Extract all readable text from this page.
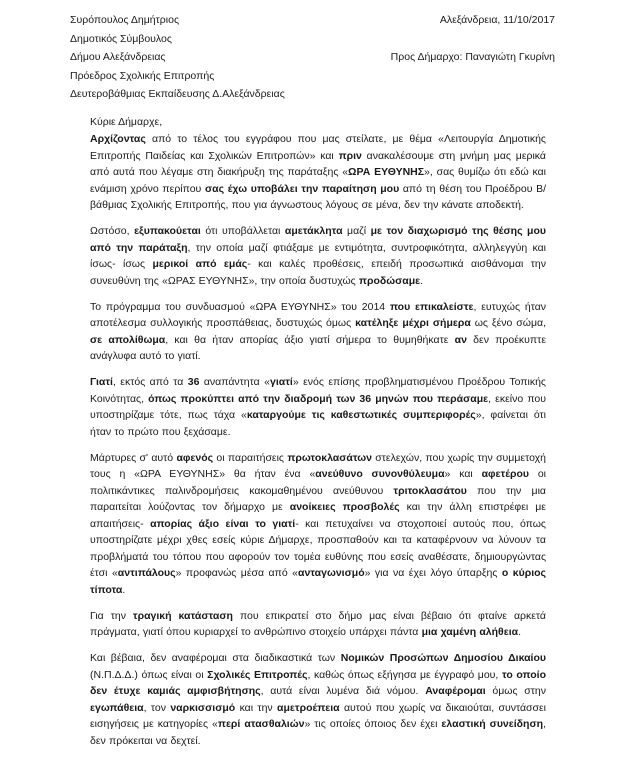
Συρόπουλος Δημήτριος
Δημοτικός Σύμβουλος
Δήμου Αλεξάνδρειας
Πρόεδρος Σχολικής Επιτροπής
Δευτεροβάθμιας Εκπαίδευσης Δ.Αλεξάνδρειας
Αλεξάνδρεια, 11/10/2017
Προς Δήμαρχο: Παναγιώτη Γκυρίνη
Κύριε Δήμαρχε,

Αρχίζοντας από το τέλος του εγγράφου που μας στείλατε, με θέμα «Λειτουργία Δημοτικής Επιτροπής Παιδείας και Σχολικών Επιτροπών» και πριν ανακαλέσουμε στη μνήμη μας μερικά από αυτά που λέγαμε στη διακήρυξη της παράταξης «ΩΡΑ ΕΥΘΥΝΗΣ», σας θυμίζω ότι εδώ και ενάμιση χρόνο περίπου σας έχω υποβάλει την παραίτηση μου από τη θέση του Προέδρου Β/βάθμιας Σχολικής Επιτροπής, που για άγνωστους λόγους σε μένα, δεν την κάνατε αποδεκτή.

Ωστόσο, εξυπακούεται ότι υποβάλλεται αμετάκλητα μαζί με τον διαχωρισμό της θέσης μου από την παράταξη, την οποία μαζί φτιάξαμε με εντιμότητα, συντροφικότητα, αλληλεγγύη και ίσως- ίσως μερικοί από εμάς- και καλές προθέσεις, επειδή προσωπικά αισθάνομαι την συνευθύνη της «ΩΡΑΣ ΕΥΘΥΝΗΣ», την οποία δυστυχώς προδώσαμε.

Το πρόγραμμα του συνδυασμού «ΩΡΑ ΕΥΘΥΝΗΣ» του 2014 που επικαλείστε, ευτυχώς ήταν αποτέλεσμα συλλογικής προσπάθειας, δυστυχώς όμως κατέληξε μέχρι σήμερα ως ξένο σώμα, σε απολίθωμα, και θα ήταν απορίας άξιο γιατί σήμερα το θυμηθήκατε αν δεν προέκυπτε ανάγλυφα αυτό το γιατί.

Γιατί, εκτός από τα 36 αναπάντητα «γιατί» ενός επίσης προβληματισμένου Προέδρου Τοπικής Κοινότητας, όπως προκύπτει από την διαδρομή των 36 μηνών που περάσαμε, εκείνο που υποστηρίζαμε τότε, πως τάχα «καταργούμε τις καθεστωτικές συμπεριφορές», φαίνεται ότι ήταν το πρώτο που ξεχάσαμε.

Μάρτυρες σ' αυτό αφενός οι παραιτήσεις πρωτοκλασάτων στελεχών, που χωρίς την συμμετοχή τους η «ΩΡΑ ΕΥΘΥΝΗΣ» θα ήταν ένα «ανεύθυνο συνονθύλευμα» και αφετέρου οι πολιτικάντικες παλινδρομήσεις κακομαθημένου ανεύθυνου τριτοκλασάτου που την μια παραιτείται λούζοντας τον δήμαρχο με ανοίκειες προσβολές και την άλλη επιστρέφει με απαιτήσεις- απορίας άξιο είναι το γιατί- και πετυχαίνει να στοχοποιεί αυτούς που, όπως υποστηρίζατε μέχρι χθες εσείς κύριε Δήμαρχε, προσπαθούν και τα καταφέρνουν να λύνουν τα προβλήματά του τόπου που αφορούν τον τομέα ευθύνης που εσείς αναθέσατε, δημιουργώντας έτσι «αντιπάλους» προφανώς μέσα από «ανταγωνισμό» για να έχει λόγο ύπαρξης ο κύριος τίποτα.

Για την τραγική κατάσταση που επικρατεί στο δήμο μας είναι βέβαιο ότι φταίνε αρκετά πράγματα, γιατί όπου κυριαρχεί το ανθρώπινο στοιχείο υπάρχει πάντα μια χαμένη αλήθεια.

Και βέβαια, δεν αναφέρομαι στα διαδικαστικά των Νομικών Προσώπων Δημοσίου Δικαίου (Ν.Π.Δ.Δ.) όπως είναι οι Σχολικές Επιτροπές, καθώς όπως εξήγησα με έγγραφό μου, το οποίο δεν έτυχε καμιάς αμφισβήτησης, αυτά είναι λυμένα διά νόμου. Αναφέρομαι όμως στην εγωπάθεια, τον ναρκισσισμό και την αμετροέπεια αυτού που χωρίς να δικαιούται, συντάσσει εισηγήσεις με κατηγορίες «περί ατασθαλιών» τις οποίες όποιος δεν έχει ελαστική συνείδηση, δεν πρόκειται να δεχτεί.
